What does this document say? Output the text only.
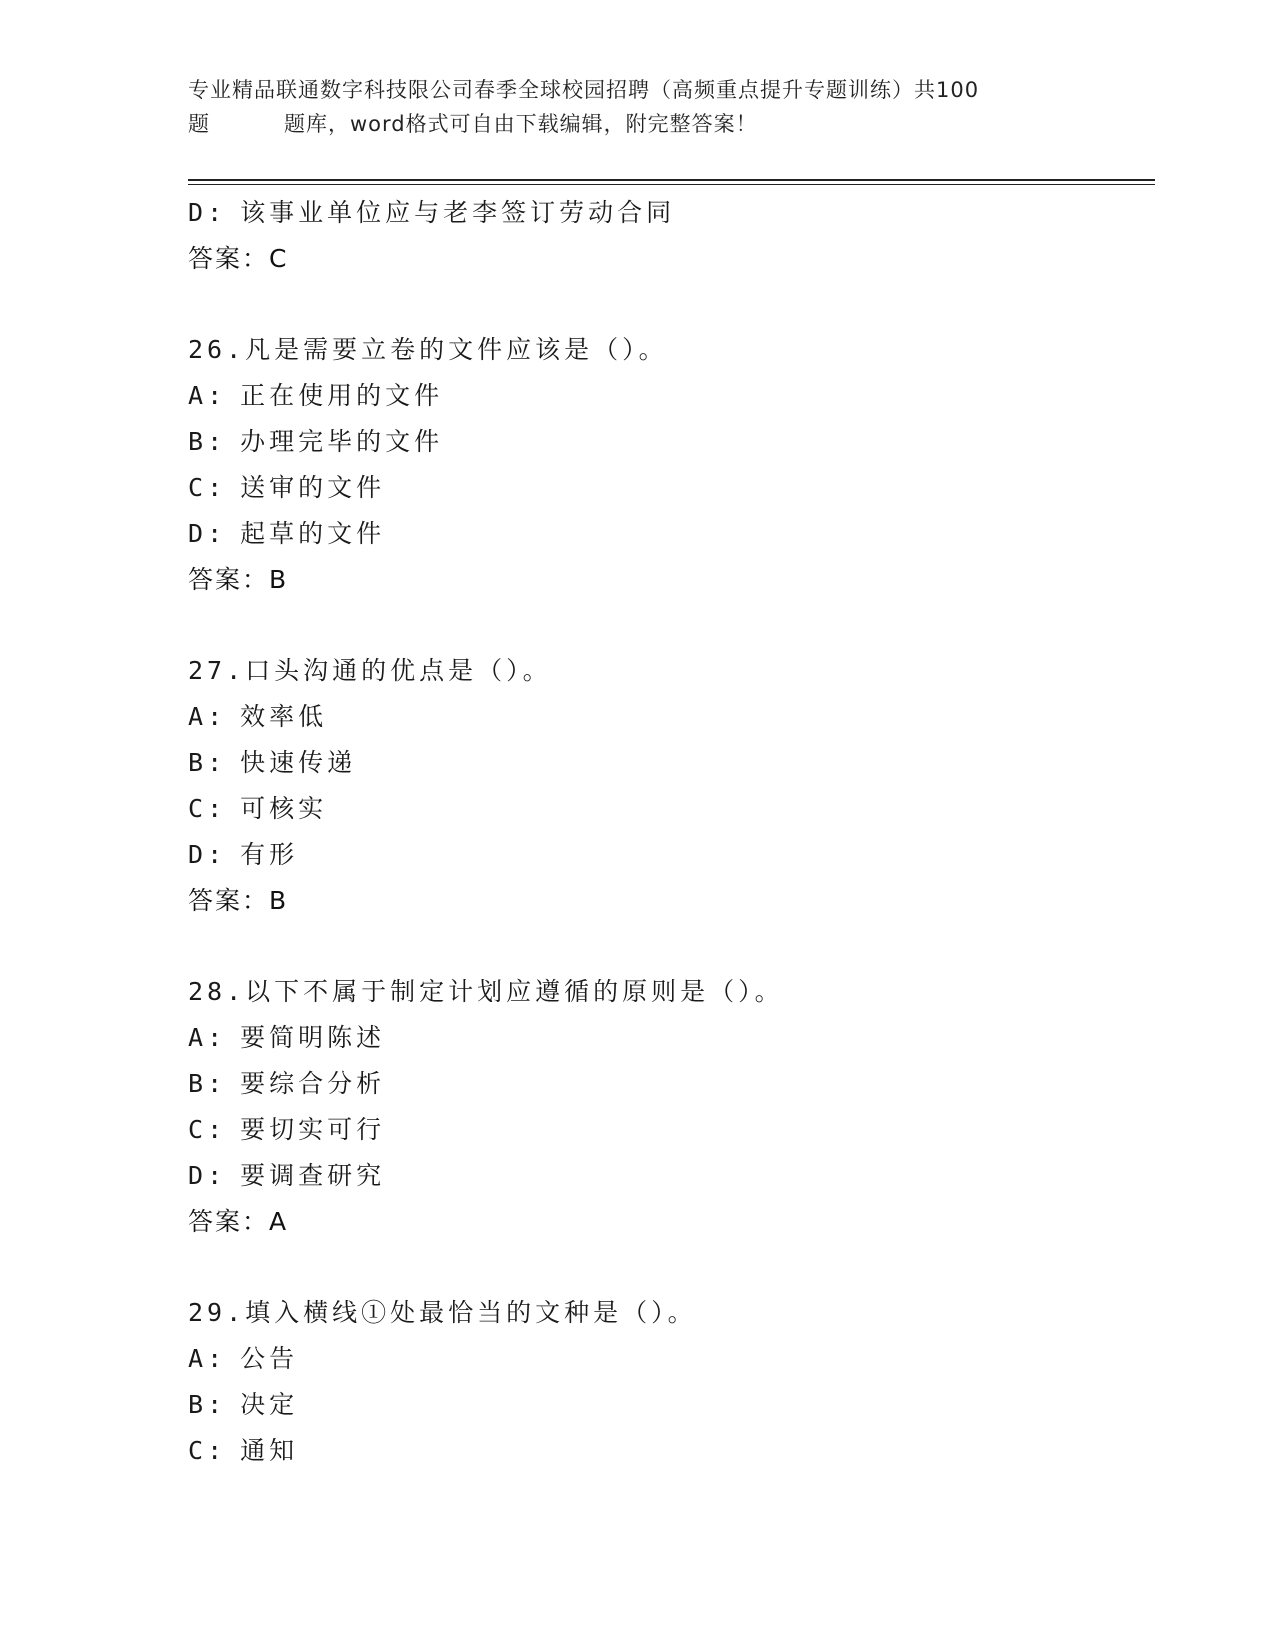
专业精品联通数字科技限公司春季全球校园招聘（高频重点提升专题训练）共100
题	题库，word格式可自由下载编辑，附完整答案！
D : 该事业单位应与老李签订劳动合同
答案：C
26 . 凡是需要立卷的文件应该是（）。
A : 正在使用的文件
B : 办理完毕的文件
C : 送审的文件
D : 起草的文件
答案：B
27 . 口头沟通的优点是（）。
A : 效率低
B : 快速传递
C : 可核实
D : 有形
答案：B
28 . 以下不属于制定计划应遵循的原则是（）。
A : 要简明陈述
B : 要综合分析
C : 要切实可行
D : 要调查研究
答案：A
29 . 填入横线①处最恰当的文种是（）。
A : 公告
B : 决定
C : 通知
